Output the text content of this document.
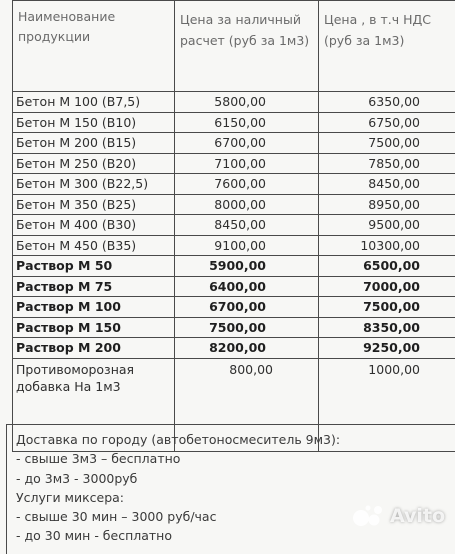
Наименование продукции	Цена за наличный расчет (руб за 1м3)	Цена , в т.ч НДС (руб за 1м3)
Бетон М 100 (В7,5)	5800,00	6350,00
Бетон М 150 (В10)	6150,00	6750,00
Бетон М 200 (В15)	6700,00	7500,00
Бетон М 250 (В20)	7100,00	7850,00
Бетон М 300 (В22,5)	7600,00	8450,00
Бетон М 350 (В25)	8000,00	8950,00
Бетон М 400 (В30)	8450,00	9500,00
Бетон М 450 (В35)	9100,00	10300,00
Раствор М 50	5900,00	6500,00
Раствор М 75	6400,00	7000,00
Раствор М 100	6700,00	7500,00
Раствор М 150	7500,00	8350,00
Раствор М 200	8200,00	9250,00
Противоморозная добавка На 1м3	800,00	1000,00
Доставка по городу (автобетоносмеситель 9м3):
- свыше 3м3 – бесплатно
- до 3м3 - 3000руб
Услуги миксера:
- свыше 30 мин – 3000 руб/час
- до 30 мин - бесплатно
Avito
